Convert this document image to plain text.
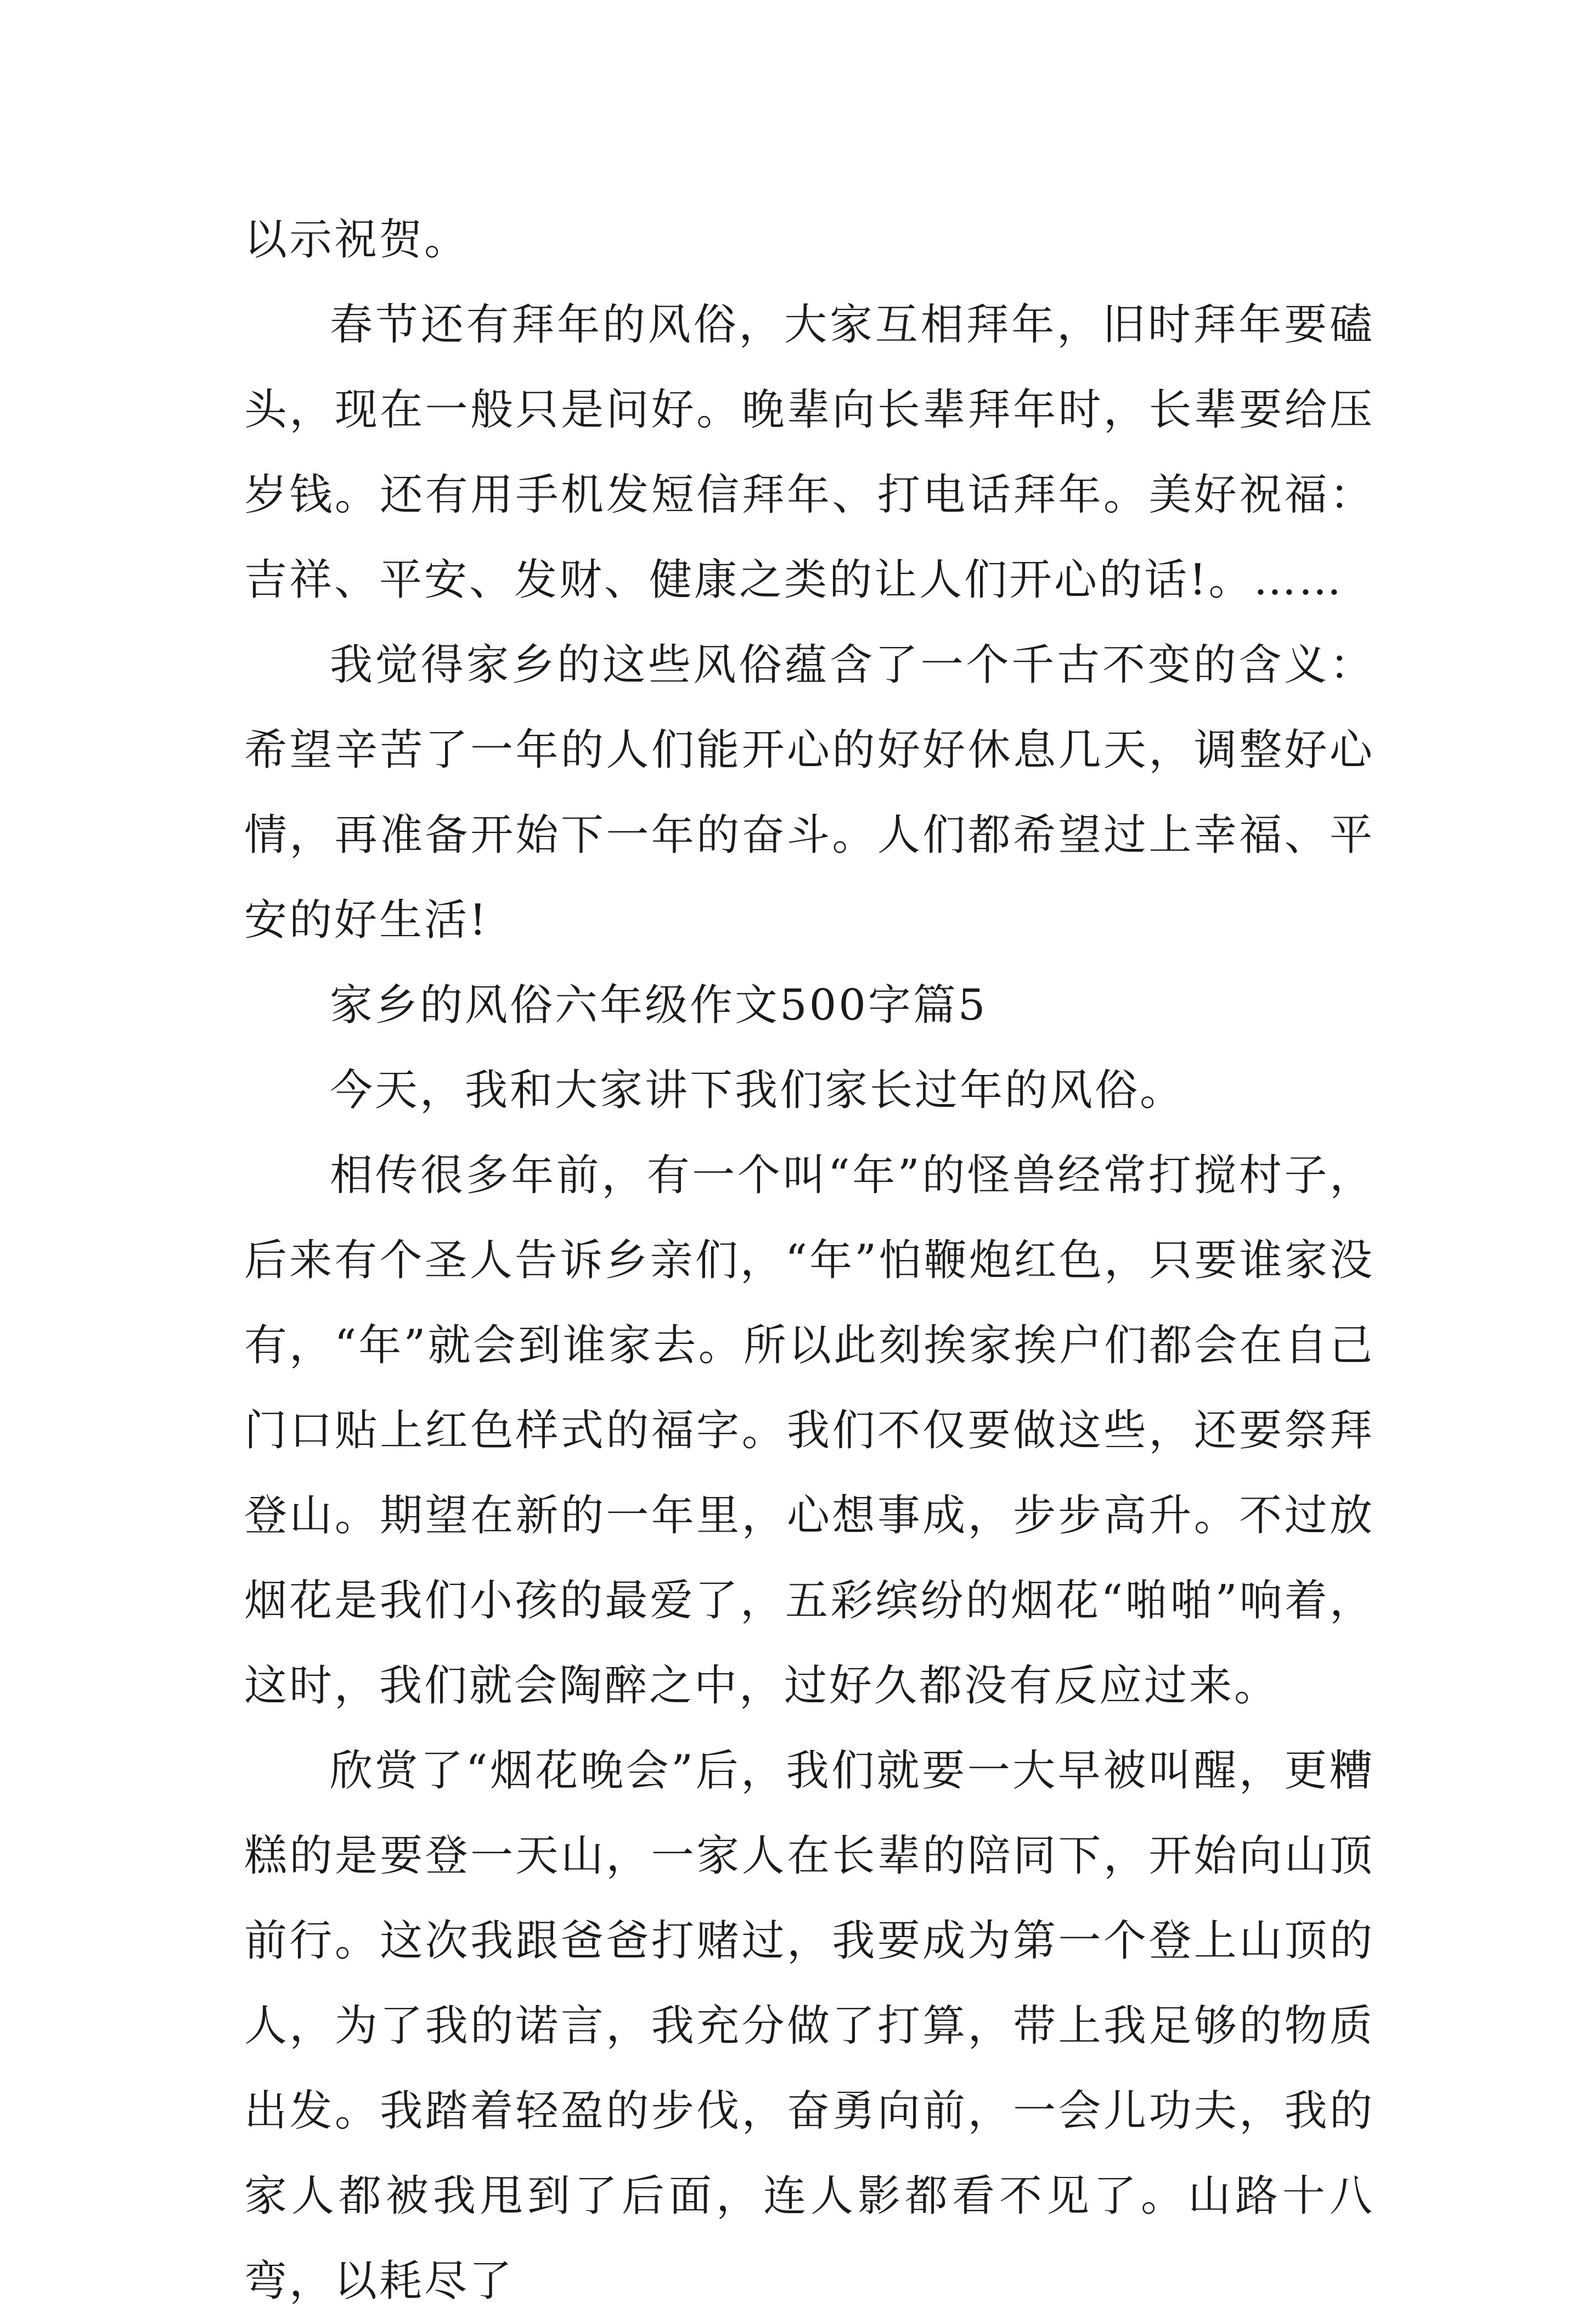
以示祝贺。

春节还有拜年的风俗，大家互相拜年，旧时拜年要磕头，现在一般只是问好。晚辈向长辈拜年时，长辈要给压岁钱。还有用手机发短信拜年、打电话拜年。美好祝福：吉祥、平安、发财、健康之类的让人们开心的话!。……

我觉得家乡的这些风俗蕴含了一个千古不变的含义：希望辛苦了一年的人们能开心的好好休息几天，调整好心情，再准备开始下一年的奋斗。人们都希望过上幸福、平安的好生活!

家乡的风俗六年级作文500字篇5

今天，我和大家讲下我们家长过年的风俗。

相传很多年前，有一个叫“年”的怪兽经常打搅村子，后来有个圣人告诉乡亲们，“年”怕鞭炮红色，只要谁家没有，“年”就会到谁家去。所以此刻挨家挨户们都会在自己门口贴上红色样式的福字。我们不仅要做这些，还要祭拜登山。期望在新的一年里，心想事成，步步高升。不过放烟花是我们小孩的最爱了，五彩缤纷的烟花“啪啪”响着，这时，我们就会陶醉之中，过好久都没有反应过来。

欣赏了“烟花晚会”后，我们就要一大早被叫醒，更糟糕的是要登一天山，一家人在长辈的陪同下，开始向山顶前行。这次我跟爸爸打赌过，我要成为第一个登上山顶的人，为了我的诺言，我充分做了打算，带上我足够的物质出发。我踏着轻盈的步伐，奋勇向前，一会儿功夫，我的家人都被我甩到了后面，连人影都看不见了。山路十八弯，以耗尽了
